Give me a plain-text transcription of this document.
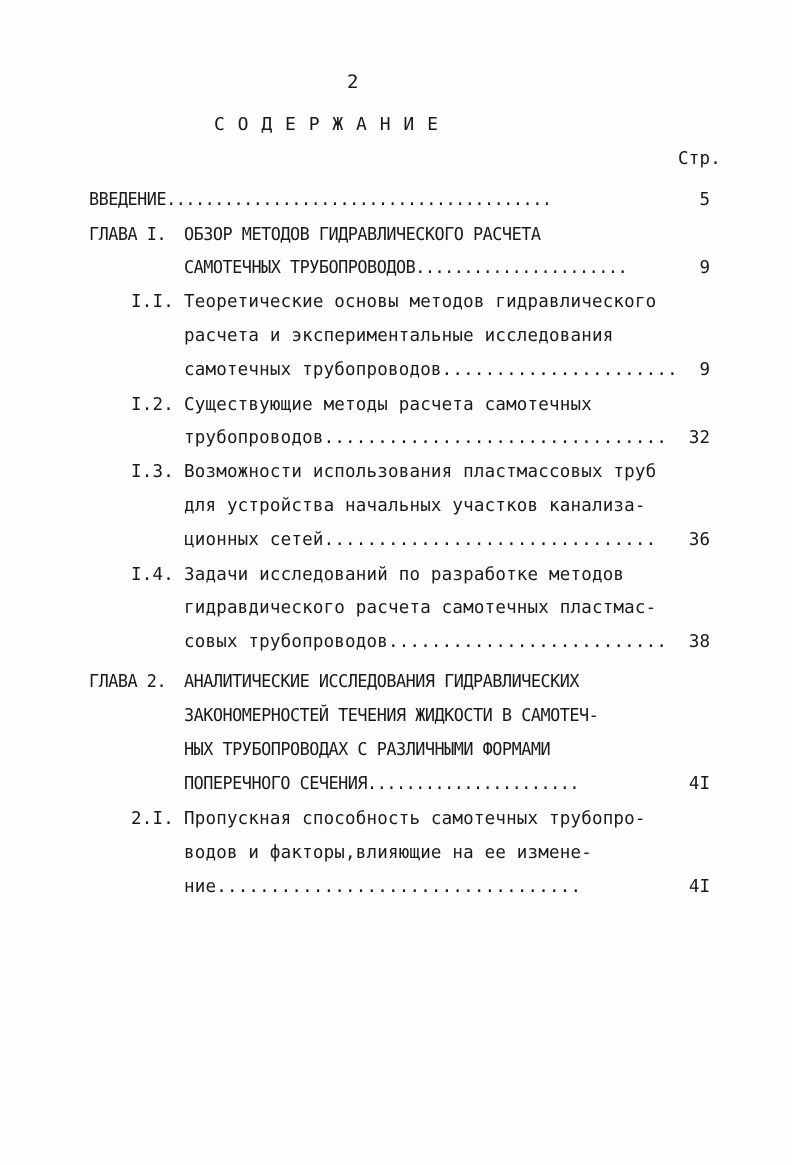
2
С О Д Е Р Ж А Н И Е
Стр.
ВВЕДЕНИЕ........................................	5
ГЛАВА I. ОБЗОР МЕТОДОВ ГИДРАВЛИЧЕСКОГО РАСЧЕТА
САМОТЕЧНЫХ ТРУБОПРОВОДОВ......................	9
I.I. Теоретические основы методов гидравлического
расчета и экспериментальные исследования
самотечных трубопроводов...................... 9
I.2. Существующие методы расчета самотечных
трубопроводов................................ 32
I.3. Возможности использования пластмассовых труб
для устройства начальных участков канализа-
ционных сетей............................... 36
I.4. Задачи исследований по разработке методов
гидравдического расчета самотечных пластмас-
совых трубопроводов.......................... 38
ГЛАВА 2. АНАЛИТИЧЕСКИЕ ИССЛЕДОВАНИЯ ГИДРАВЛИЧЕСКИХ
ЗАКОНОМЕРНОСТЕЙ ТЕЧЕНИЯ ЖИДКОСТИ В САМОТЕЧ-
НЫХ ТРУБОПРОВОДАХ С РАЗЛИЧНЫМИ ФОРМАМИ
ПОПЕРЕЧНОГО СЕЧЕНИЯ......................	4I
2.I. Пропускная способность самотечных трубопро-
водов и факторы,влияющие на ее измене-
ние..................................	4I
